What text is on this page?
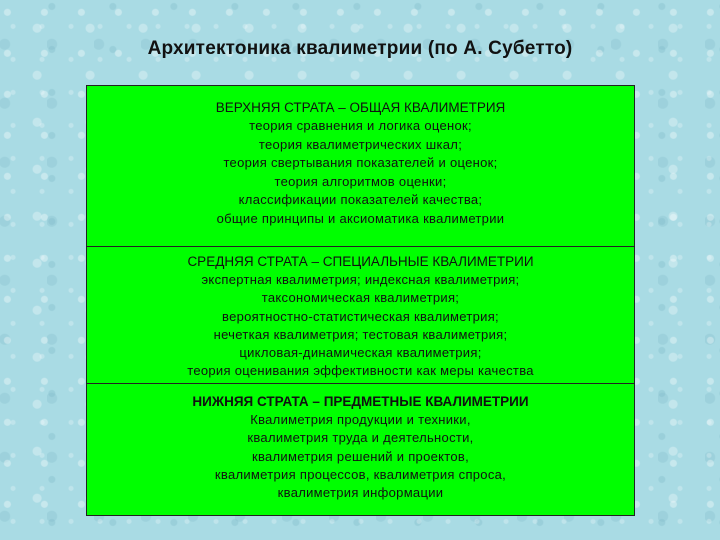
Архитектоника квалиметрии (по А. Субетто)

ВЕРХНЯЯ СТРАТА – ОБЩАЯ КВАЛИМЕТРИЯ

теория сравнения и логика оценок;

теория квалиметрических шкал;

теория свертывания показателей и оценок;

теория алгоритмов оценки;

классификации показателей качества;

общие принципы и аксиоматика квалиметрии

СРЕДНЯЯ СТРАТА – СПЕЦИАЛЬНЫЕ КВАЛИМЕТРИИ

экспертная квалиметрия; индексная квалиметрия;

таксономическая квалиметрия;

вероятностно-статистическая квалиметрия;

нечеткая квалиметрия; тестовая квалиметрия;

цикловая-динамическая квалиметрия;

теория оценивания эффективности как меры качества

НИЖНЯЯ СТРАТА – ПРЕДМЕТНЫЕ КВАЛИМЕТРИИ

Квалиметрия продукции и техники,

квалиметрия труда и деятельности,

квалиметрия решений и проектов,

квалиметрия процессов, квалиметрия спроса,

квалиметрия информации
